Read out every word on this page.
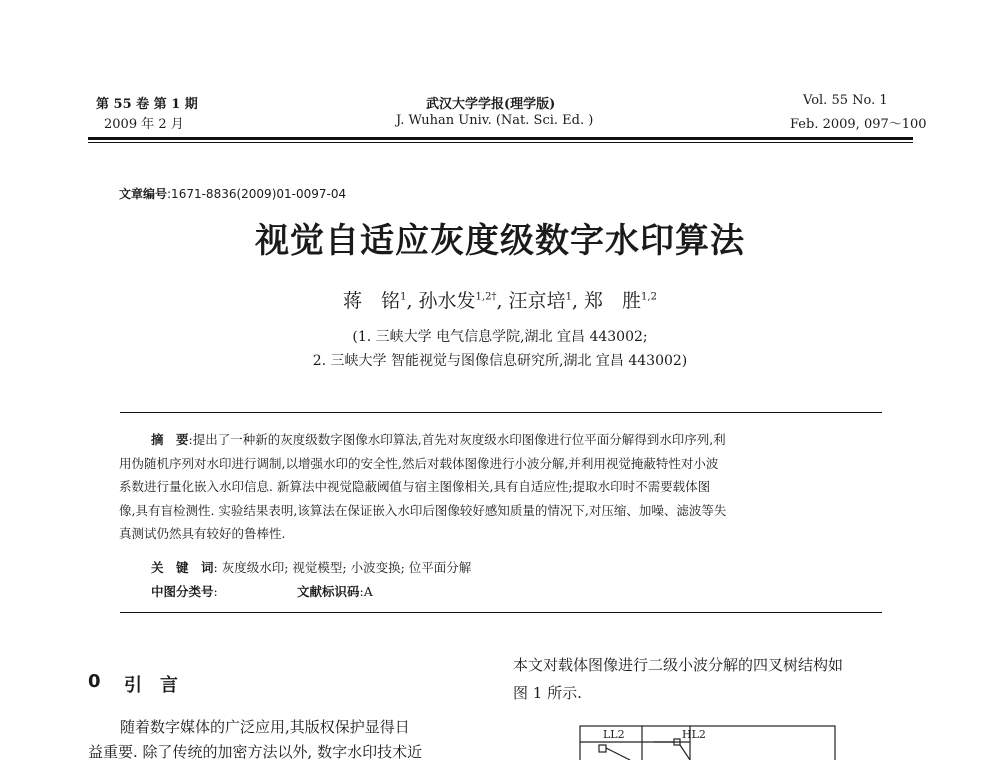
第 55 卷 第 1 期
2009 年 2 月
武汉大学学报(理学版)
J. Wuhan Univ. (Nat. Sci. Ed. )
Vol. 55 No. 1
Feb. 2009, 097～100
文章编号:1671-8836(2009)01-0097-04
视觉自适应灰度级数字水印算法
蒋　铭$^1$, 孙水发$^{1,2\dagger}$, 汪京培$^1$, 郑　胜$^{1,2}$
(1. 三峡大学 电气信息学院,湖北 宜昌 443002;
2. 三峡大学 智能视觉与图像信息研究所,湖北 宜昌 443002)
摘　要:提出了一种新的灰度级数字图像水印算法,首先对灰度级水印图像进行位平面分解得到水印序列,利
用伪随机序列对水印进行调制,以增强水印的安全性,然后对载体图像进行小波分解,并利用视觉掩蔽特性对小波
系数进行量化嵌入水印信息. 新算法中视觉隐蔽阈值与宿主图像相关,具有自适应性;提取水印时不需要载体图
像,具有盲检测性. 实验结果表明,该算法在保证嵌入水印后图像较好感知质量的情况下,对压缩、加噪、滤波等失
真测试仍然具有较好的鲁棒性.
关　键　词: 灰度级水印; 视觉模型; 小波变换; 位平面分解
中图分类号:	文献标识码:A
0 引　言
随着数字媒体的广泛应用,其版权保护显得日
益重要. 除了传统的加密方法以外, 数字水印技术近
本文对载体图像进行二级小波分解的四叉树结构如
图 1 所示.
LL2	HL2
